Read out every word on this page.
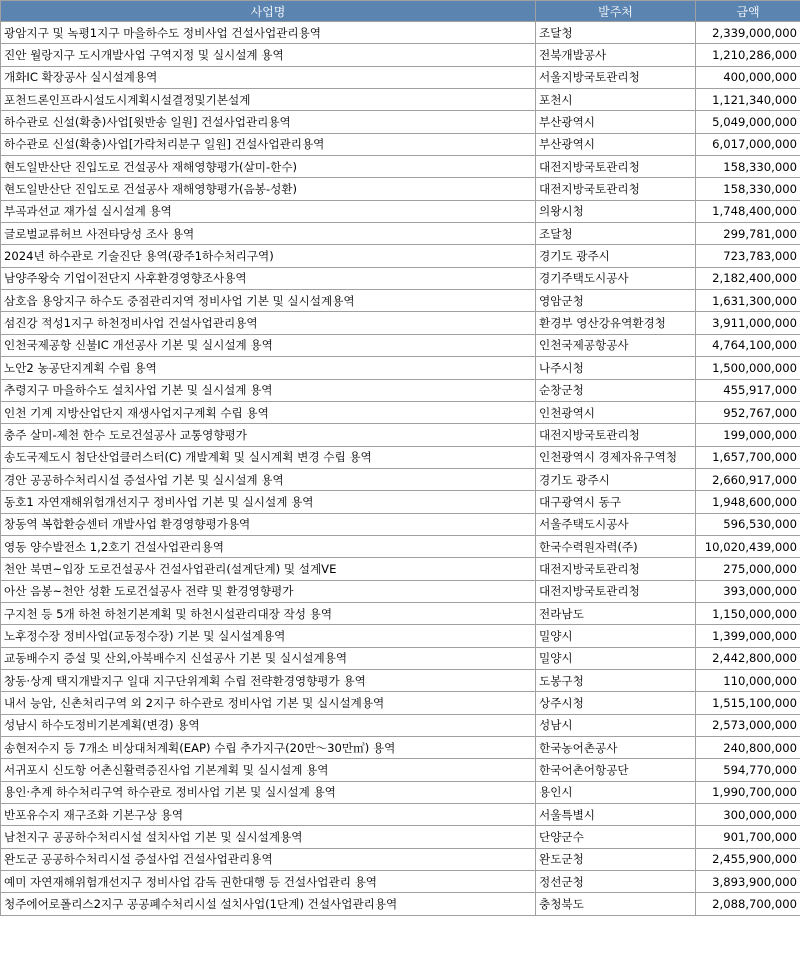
사업명	발주처	금액
광암지구 및 녹평1지구 마을하수도 정비사업 건설사업관리용역	조달청	2,339,000,000
진안 월랑지구 도시개발사업 구역지정 및 실시설계 용역	전북개발공사	1,210,286,000
개화IC 확장공사 실시설계용역	서울지방국토관리청	400,000,000
포천드론인프라시설도시계획시설결정및기본설계	포천시	1,121,340,000
하수관로 신설(확충)사업[윗반송 일원] 건설사업관리용역	부산광역시	5,049,000,000
하수관로 신설(확충)사업[가락처리분구 일원] 건설사업관리용역	부산광역시	6,017,000,000
현도일반산단 진입도로 건설공사 재해영향평가(살미-한수)	대전지방국토관리청	158,330,000
현도일반산단 진입도로 건설공사 재해영향평가(음봉-성환)	대전지방국토관리청	158,330,000
부곡과선교 재가설 실시설계 용역	의왕시청	1,748,400,000
글로벌교류허브 사전타당성 조사 용역	조달청	299,781,000
2024년 하수관로 기술진단 용역(광주1하수처리구역)	경기도 광주시	723,783,000
남양주왕숙 기업이전단지 사후환경영향조사용역	경기주택도시공사	2,182,400,000
삼호읍 용앙지구 하수도 중점관리지역 정비사업 기본 및 실시설계용역	영암군청	1,631,300,000
섬진강 적성1지구 하천정비사업 건설사업관리용역	환경부 영산강유역환경청	3,911,000,000
인천국제공항 신불IC 개선공사 기본 및 실시설계 용역	인천국제공항공사	4,764,100,000
노안2 농공단지계획 수립 용역	나주시청	1,500,000,000
추령지구 마을하수도 설치사업 기본 및 실시설계 용역	순창군청	455,917,000
인천 기계 지방산업단지 재생사업지구계획 수립 용역	인천광역시	952,767,000
충주 살미-제천 한수 도로건설공사 교통영향평가	대전지방국토관리청	199,000,000
송도국제도시 첨단산업클러스터(C) 개발계획 및 실시계획 변경 수립 용역	인천광역시 경제자유구역청	1,657,700,000
경안 공공하수처리시설 증설사업 기본 및 실시설계 용역	경기도 광주시	2,660,917,000
동호1 자연재해위험개선지구 정비사업 기본 및 실시설계 용역	대구광역시 동구	1,948,600,000
창동역 복합환승센터 개발사업 환경영향평가용역	서울주택도시공사	596,530,000
영동 양수발전소 1,2호기 건설사업관리용역	한국수력원자력(주)	10,020,439,000
천안 북면~입장 도로건설공사 건설사업관리(설계단계) 및 설계VE	대전지방국토관리청	275,000,000
아산 음봉~천안 성환 도로건설공사 전략 및 환경영향평가	대전지방국토관리청	393,000,000
구지천 등 5개 하천 하천기본계획 및 하천시설관리대장 작성 용역	전라남도	1,150,000,000
노후정수장 정비사업(교동정수장) 기본 및 실시설계용역	밀양시	1,399,000,000
교동배수지 증설 및 산외,아북배수지 신설공사 기본 및 실시설계용역	밀양시	2,442,800,000
창동·상계 택지개발지구 일대 지구단위계획 수립 전략환경영향평가 용역	도봉구청	110,000,000
내서 능암, 신촌처리구역 외 2지구 하수관로 정비사업 기본 및 실시설계용역	상주시청	1,515,100,000
성남시 하수도정비기본계획(변경) 용역	성남시	2,573,000,000
송현저수지 등 7개소 비상대처계획(EAP) 수립 추가지구(20만～30만㎥) 용역	한국농어촌공사	240,800,000
서귀포시 신도항 어촌신활력증진사업 기본계획 및 실시설계 용역	한국어촌어항공단	594,770,000
용인·추계 하수처리구역 하수관로 정비사업 기본 및 실시설계 용역	용인시	1,990,700,000
반포유수지 재구조화 기본구상 용역	서울특별시	300,000,000
남천지구 공공하수처리시설 설치사업 기본 및 실시설계용역	단양군수	901,700,000
완도군 공공하수처리시설 증설사업 건설사업관리용역	완도군청	2,455,900,000
예미 자연재해위험개선지구 정비사업 감독 권한대행 등 건설사업관리 용역	정선군청	3,893,900,000
청주에어로폴리스2지구 공공폐수처리시설 설치사업(1단계) 건설사업관리용역	충청북도	2,088,700,000
